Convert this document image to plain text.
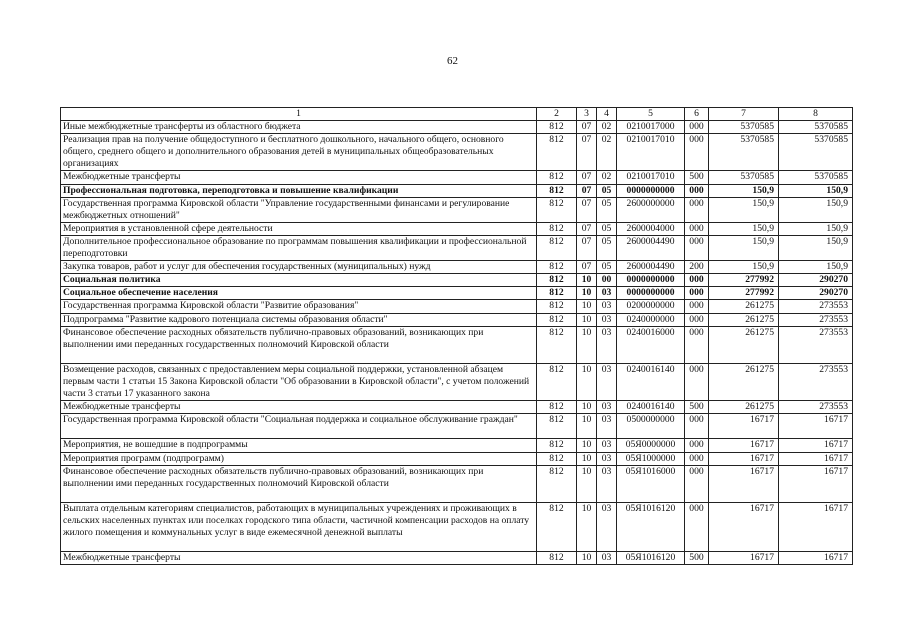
62
1	2	3	4	5	6	7	8
Иные межбюджетные трансферты из областного бюджета	812	07	02	0210017000	000	5370585	5370585
Реализация прав на получение общедоступного и бесплатного дошкольного, начального общего, основного общего, среднего общего и дополнительного образования детей в муниципальных общеобразовательных организациях	812	07	02	0210017010	000	5370585	5370585
Межбюджетные трансферты	812	07	02	0210017010	500	5370585	5370585
Профессиональная подготовка, переподготовка и повышение квалификации	812	07	05	0000000000	000	150,9	150,9
Государственная программа Кировской области "Управление государственными финансами и регулирование межбюджетных отношений"	812	07	05	2600000000	000	150,9	150,9
Мероприятия в установленной сфере деятельности	812	07	05	2600004000	000	150,9	150,9
Дополнительное профессиональное образование по программам повышения квалификации и профессиональной переподготовки	812	07	05	2600004490	000	150,9	150,9
Закупка товаров, работ и услуг для обеспечения государственных (муниципальных) нужд	812	07	05	2600004490	200	150,9	150,9
Социальная политика	812	10	00	0000000000	000	277992	290270
Социальное обеспечение населения	812	10	03	0000000000	000	277992	290270
Государственная программа Кировской области "Развитие образования"	812	10	03	0200000000	000	261275	273553
Подпрограмма "Развитие кадрового потенциала системы образования области"	812	10	03	0240000000	000	261275	273553
Финансовое обеспечение расходных обязательств публично-правовых образований, возникающих при выполнении ими переданных государственных полномочий Кировской области	812	10	03	0240016000	000	261275	273553
Возмещение расходов, связанных с предоставлением меры социальной поддержки, установленной абзацем первым части 1 статьи 15 Закона Кировской области "Об образовании в Кировской области", с учетом положений части 3 статьи 17 указанного закона	812	10	03	0240016140	000	261275	273553
Межбюджетные трансферты	812	10	03	0240016140	500	261275	273553
Государственная программа Кировской области "Социальная поддержка и социальное обслуживание граждан"	812	10	03	0500000000	000	16717	16717
Мероприятия, не вошедшие в подпрограммы	812	10	03	05Я0000000	000	16717	16717
Мероприятия программ (подпрограмм)	812	10	03	05Я1000000	000	16717	16717
Финансовое обеспечение расходных обязательств публично-правовых образований, возникающих при выполнении ими переданных государственных полномочий Кировской области	812	10	03	05Я1016000	000	16717	16717
Выплата отдельным категориям специалистов, работающих в муниципальных учреждениях и проживающих в сельских населенных пунктах или поселках городского типа области, частичной компенсации расходов на оплату жилого помещения и коммунальных услуг в виде ежемесячной денежной выплаты	812	10	03	05Я1016120	000	16717	16717
Межбюджетные трансферты	812	10	03	05Я1016120	500	16717	16717
